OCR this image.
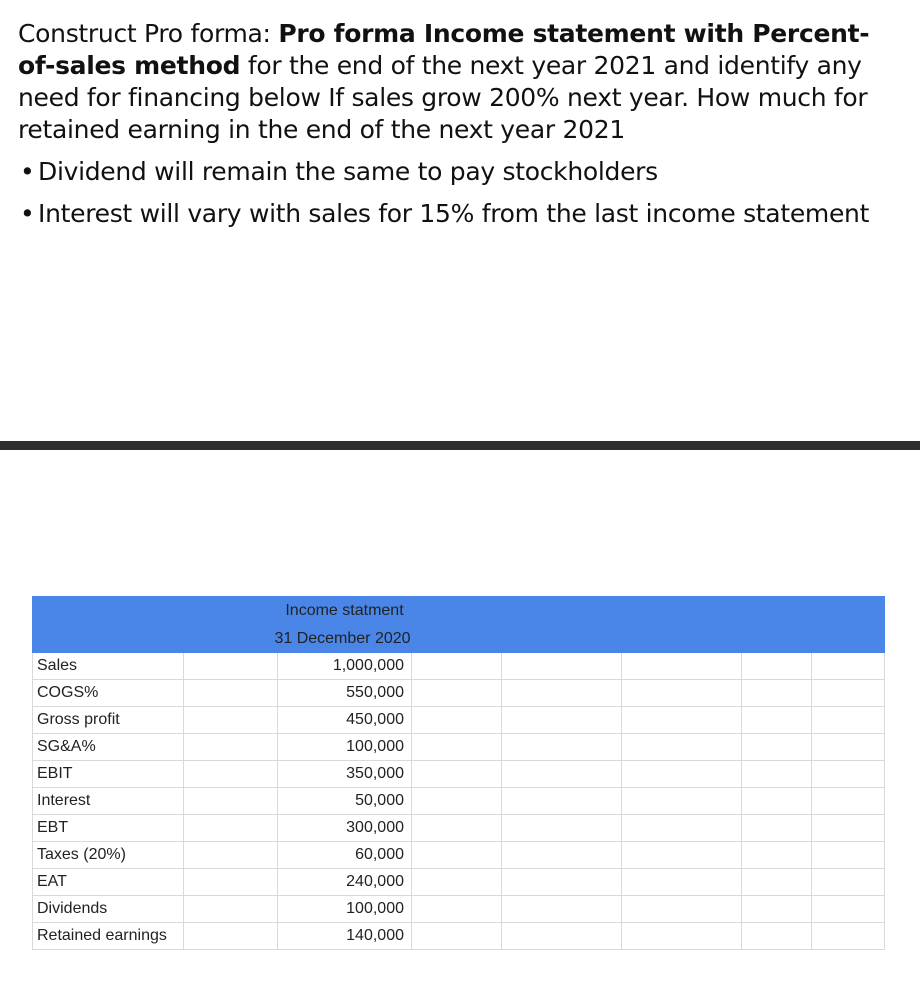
Construct Pro forma: Pro forma Income statement with Percent-of-sales method for the end of the next year 2021 and identify any need for financing below If sales grow 200% next year. How much for retained earning in the end of the next year 2021

• Dividend will remain the same to pay stockholders
• Interest will vary with sales for 15% from the last income statement
	Income statment						
	31 December 2020						
Sales		1,000,000					
COGS%		550,000					
Gross profit		450,000					
SG&A%		100,000					
EBIT		350,000					
Interest		50,000					
EBT		300,000					
Taxes (20%)		60,000					
EAT		240,000					
Dividends		100,000					
Retained earnings		140,000					
